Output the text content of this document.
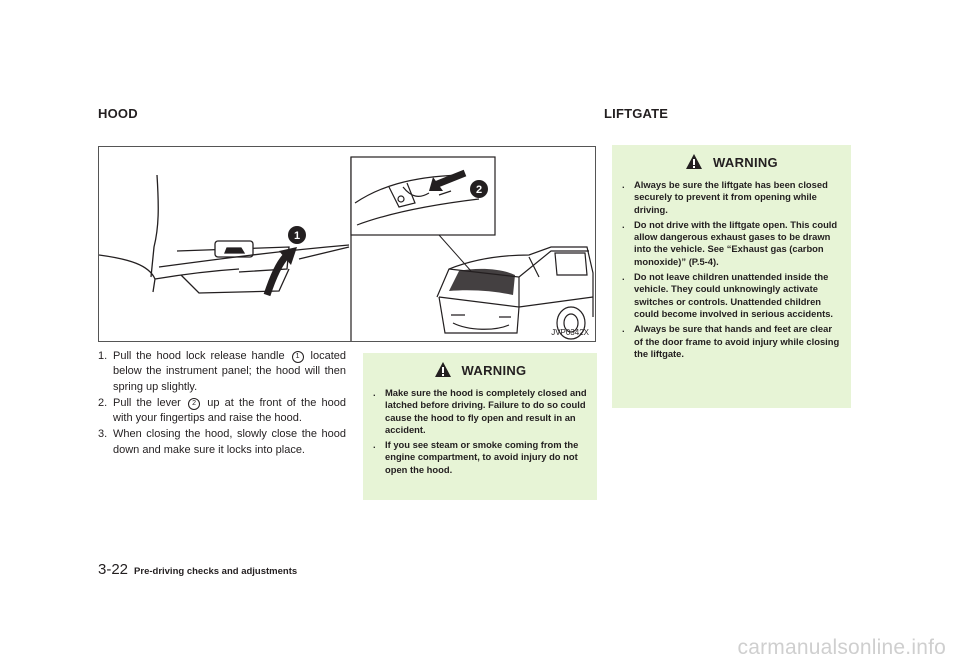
HOOD	LIFTGATE
1
2
JVP0342X
1. Pull the hood lock release handle 1 located below the instrument panel; the hood will then spring up slightly.
2. Pull the lever 2 up at the front of the hood with your fingertips and raise the hood.
3. When closing the hood, slowly close the hood down and make sure it locks into place.
WARNING
. Make sure the hood is completely closed and latched before driving. Failure to do so could cause the hood to fly open and result in an accident.
. If you see steam or smoke coming from the engine compartment, to avoid injury do not open the hood.
WARNING
. Always be sure the liftgate has been closed securely to prevent it from opening while driving.
. Do not drive with the liftgate open. This could allow dangerous exhaust gases to be drawn into the vehicle. See “Exhaust gas (carbon monoxide)” (P.5-4).
. Do not leave children unattended inside the vehicle. They could unknowingly activate switches or controls. Unattended children could become involved in serious accidents.
. Always be sure that hands and feet are clear of the door frame to avoid injury while closing the liftgate.
3-22 Pre-driving checks and adjustments
carmanualsonline.info
